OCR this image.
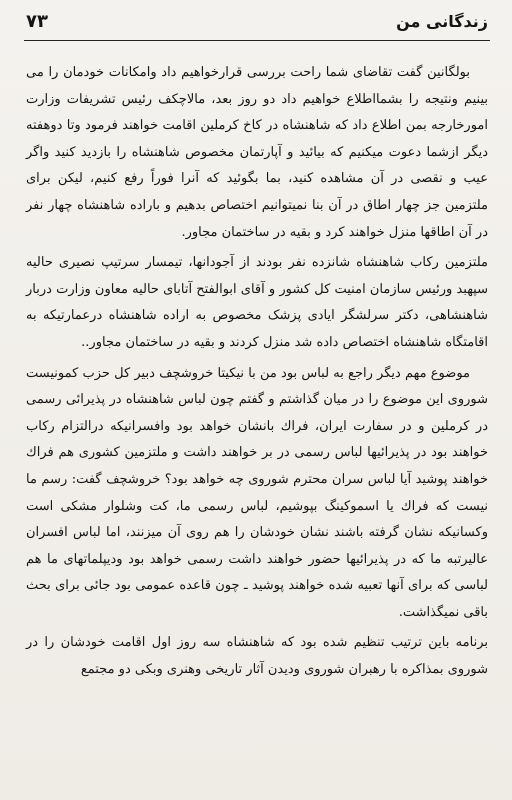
زندگانی من
٧٣

بولگانین گفت تقاضای شما راحت بررسی قرارخواهیم داد وامکانات خودمان را می بینیم ونتیجه را بشمااطلاع خواهیم داد دو روز بعد، مالاچکف رئیس تشریفات وزارت امورخارجه بمن اطلاع داد که شاهنشاه در کاخ کرملین اقامت خواهند فرمود وتا دوهفته دیگر ازشما دعوت میکنیم که بیائید و آپارتمان مخصوص شاهنشاه را بازدید کنید واگر عیب و نقصی در آن مشاهده کنید، بما بگوئید که آنرا فوراً رفع کنیم، لیکن برای ملتزمین جز چهار اطاق در آن بنا نمیتوانیم اختصاص بدهیم و باراده شاهنشاه چهار نفر در آن اطاقها منزل خواهند کرد و بقیه در ساختمان مجاور.

ملتزمین رکاب شاهنشاه شانزده نفر بودند از آجودانها، تیمسار سرتیپ نصیری حالیه سپهبد ورئیس سازمان امنیت کل کشور و آقای ابوالفتح آتابای حالیه معاون وزارت دربار شاهنشاهی، دکتر سرلشگر ایادی پزشک مخصوص به اراده شاهنشاه درعمارتیکه به اقامتگاه شاهنشاه اختصاص داده شد منزل کردند و بقیه در ساختمان مجاور..

موضوع مهم دیگر راجع به لباس بود من با نیکیتا خروشچف دبیر کل حزب کمونیست شوروی این موضوع را در میان گذاشتم و گفتم چون لباس شاهنشاه در پذیرائی رسمی در کرملین و در سفارت ایران، فراك بانشان خواهد بود وافسرانیکه درالتزام رکاب خواهند بود در پذیرائیها لباس رسمی در بر خواهند داشت و ملتزمین کشوری هم فراك خواهند پوشید آیا لباس سران محترم شوروی چه خواهد بود؟ خروشچف گفت: رسم ما نیست که فراك یا اسموکینگ بپوشیم، لباس رسمی ما، کت وشلوار مشکی است وکسانیکه نشان گرفته باشند نشان خودشان را هم روی آن میزنند، اما لباس افسران عالیرتبه ما که در پذیرائیها حضور خواهند داشت رسمی خواهد بود ودیپلماتهای ما هم لباسی که برای آنها تعبیه شده خواهند پوشید ـ چون قاعده عمومی بود جائی برای بحث باقی نمیگذاشت.

برنامه باین ترتیب تنظیم شده بود که شاهنشاه سه روز اول اقامت خودشان را در شوروی بمذاکره با رهبران شوروی ودیدن آثار تاریخی وهنری وبکی دو مجتمع
